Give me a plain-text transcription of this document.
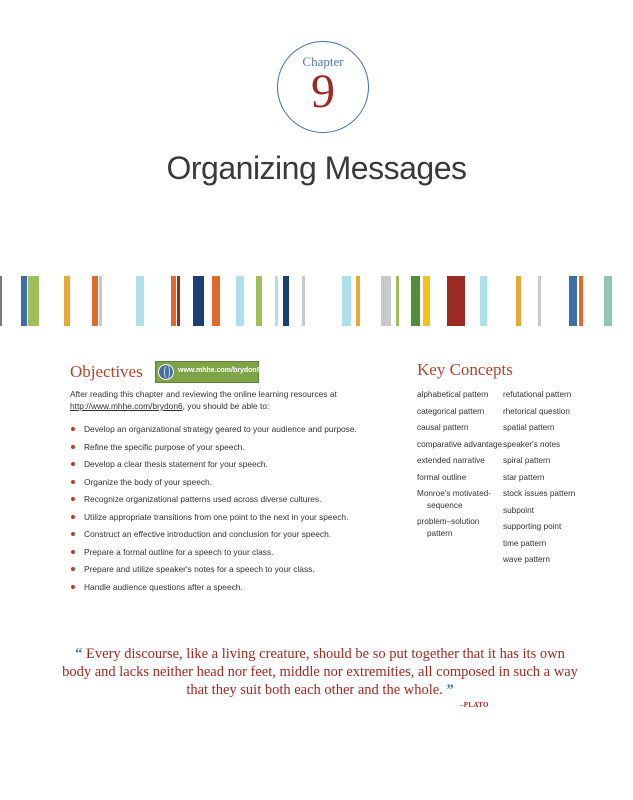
Chapter
9
Organizing Messages
Objectives	www.mhhe.com/brydon6
After reading this chapter and reviewing the online learning resources at http://www.mhhe.com/brydon6, you should be able to:
Develop an organizational strategy geared to your audience and purpose.
Refine the specific purpose of your speech.
Develop a clear thesis statement for your speech.
Organize the body of your speech.
Recognize organizational patterns used across diverse cultures.
Utilize appropriate transitions from one point to the next in your speech.
Construct an effective introduction and conclusion for your speech.
Prepare a formal outline for a speech to your class.
Prepare and utilize speaker's notes for a speech to your class.
Handle audience questions after a speech.
Key Concepts
alphabetical pattern
categorical pattern
causal pattern
comparative advantage
extended narrative
formal outline
Monroe's motivated-sequence
problem–solution pattern
refutational pattern
rhetorical question
spatial pattern
speaker's notes
spiral pattern
star pattern
stock issues pattern
subpoint
supporting point
time pattern
wave pattern
“ Every discourse, like a living creature, should be so put together that it has its own body and lacks neither head nor feet, middle nor extremities, all composed in such a way that they suit both each other and the whole. ”
–PLATO
